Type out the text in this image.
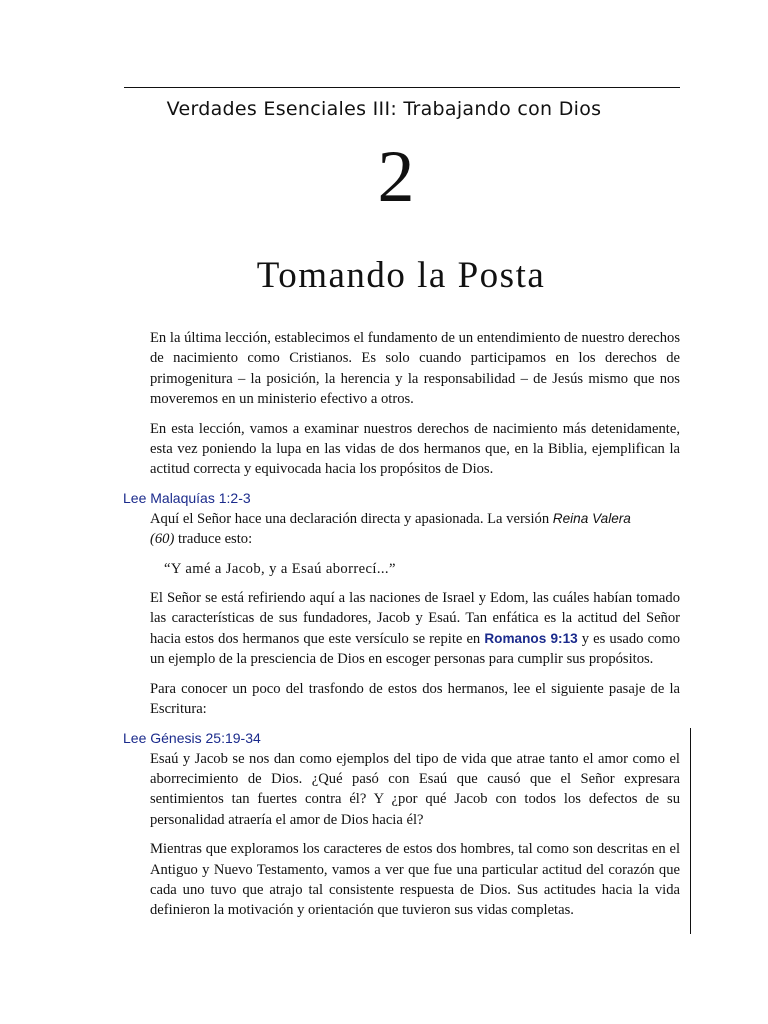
Verdades Esenciales III: Trabajando con Dios
2
Tomando la Posta

En la última lección, establecimos el fundamento de un entendimiento de nuestro derechos de nacimiento como Cristianos. Es solo cuando participamos en los derechos de primogenitura – la posición, la herencia y la responsabilidad – de Jesús mismo que nos moveremos en un ministerio efectivo a otros.

En esta lección, vamos a examinar nuestros derechos de nacimiento más detenidamente, esta vez poniendo la lupa en las vidas de dos hermanos que, en la Biblia, ejemplifican la actitud correcta y equivocada hacia los propósitos de Dios.

Lee Malaquías 1:2-3

Aquí el Señor hace una declaración directa y apasionada. La versión Reina Valera
(60) traduce esto:

“Y amé a Jacob, y a Esaú aborrecí...”

El Señor se está refiriendo aquí a las naciones de Israel y Edom, las cuáles habían tomado las características de sus fundadores, Jacob y Esaú. Tan enfática es la actitud del Señor hacia estos dos hermanos que este versículo se repite en Romanos 9:13 y es usado como un ejemplo de la presciencia de Dios en escoger personas para cumplir sus propósitos.

Para conocer un poco del trasfondo de estos dos hermanos, lee el siguiente pasaje de la Escritura:

Lee Génesis 25:19-34

Esaú y Jacob se nos dan como ejemplos del tipo de vida que atrae tanto el amor como el aborrecimiento de Dios. ¿Qué pasó con Esaú que causó que el Señor expresara sentimientos tan fuertes contra él? Y ¿por qué Jacob con todos los defectos de su personalidad atraería el amor de Dios hacia él?

Mientras que exploramos los caracteres de estos dos hombres, tal como son descritas en el Antiguo y Nuevo Testamento, vamos a ver que fue una particular actitud del corazón que cada uno tuvo que atrajo tal consistente respuesta de Dios. Sus actitudes hacia la vida definieron la motivación y orientación que tuvieron sus vidas completas.
